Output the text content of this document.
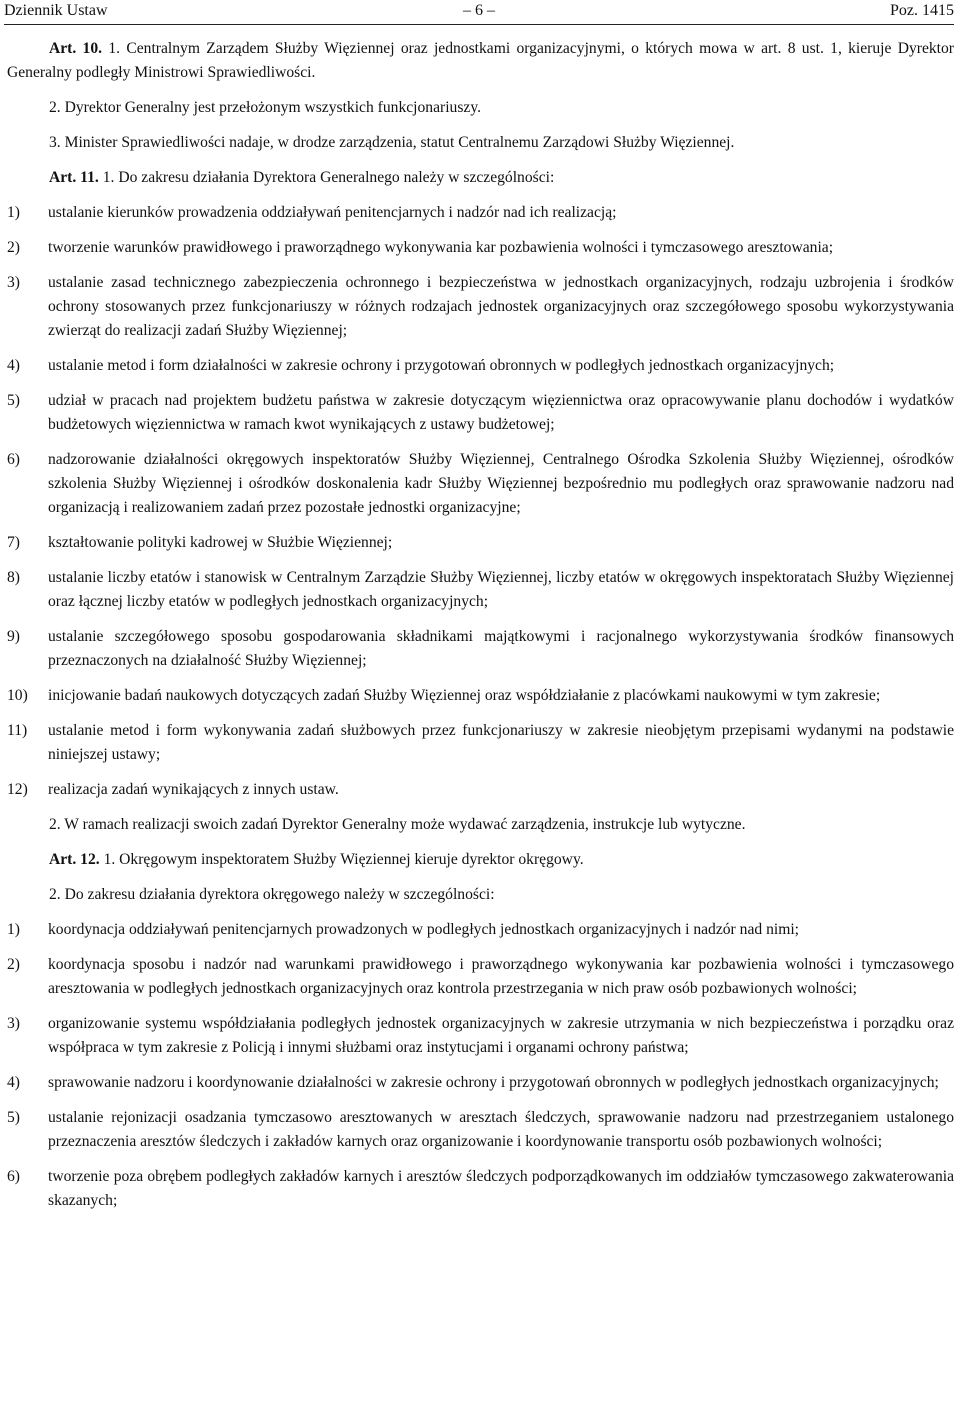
Dziennik Ustaw	– 6 –	Poz. 1415

Art. 10. 1. Centralnym Zarządem Służby Więziennej oraz jednostkami organizacyjnymi, o których mowa w art. 8 ust. 1, kieruje Dyrektor Generalny podległy Ministrowi Sprawiedliwości.

2. Dyrektor Generalny jest przełożonym wszystkich funkcjonariuszy.

3. Minister Sprawiedliwości nadaje, w drodze zarządzenia, statut Centralnemu Zarządowi Służby Więziennej.

Art. 11. 1. Do zakresu działania Dyrektora Generalnego należy w szczególności:

1)	ustalanie kierunków prowadzenia oddziaływań penitencjarnych i nadzór nad ich realizacją;
2)	tworzenie warunków prawidłowego i praworządnego wykonywania kar pozbawienia wolności i tymczasowego aresztowania;
3)	ustalanie zasad technicznego zabezpieczenia ochronnego i bezpieczeństwa w jednostkach organizacyjnych, rodzaju uzbrojenia i środków ochrony stosowanych przez funkcjonariuszy w różnych rodzajach jednostek organizacyjnych oraz szczegółowego sposobu wykorzystywania zwierząt do realizacji zadań Służby Więziennej;
4)	ustalanie metod i form działalności w zakresie ochrony i przygotowań obronnych w podległych jednostkach organizacyjnych;
5)	udział w pracach nad projektem budżetu państwa w zakresie dotyczącym więziennictwa oraz opracowywanie planu dochodów i wydatków budżetowych więziennictwa w ramach kwot wynikających z ustawy budżetowej;
6)	nadzorowanie działalności okręgowych inspektoratów Służby Więziennej, Centralnego Ośrodka Szkolenia Służby Więziennej, ośrodków szkolenia Służby Więziennej i ośrodków doskonalenia kadr Służby Więziennej bezpośrednio mu podległych oraz sprawowanie nadzoru nad organizacją i realizowaniem zadań przez pozostałe jednostki organizacyjne;
7)	kształtowanie polityki kadrowej w Służbie Więziennej;
8)	ustalanie liczby etatów i stanowisk w Centralnym Zarządzie Służby Więziennej, liczby etatów w okręgowych inspektoratach Służby Więziennej oraz łącznej liczby etatów w podległych jednostkach organizacyjnych;
9)	ustalanie szczegółowego sposobu gospodarowania składnikami majątkowymi i racjonalnego wykorzystywania środków finansowych przeznaczonych na działalność Służby Więziennej;
10)	inicjowanie badań naukowych dotyczących zadań Służby Więziennej oraz współdziałanie z placówkami naukowymi w tym zakresie;
11)	ustalanie metod i form wykonywania zadań służbowych przez funkcjonariuszy w zakresie nieobjętym przepisami wydanymi na podstawie niniejszej ustawy;
12)	realizacja zadań wynikających z innych ustaw.

2. W ramach realizacji swoich zadań Dyrektor Generalny może wydawać zarządzenia, instrukcje lub wytyczne.

Art. 12. 1. Okręgowym inspektoratem Służby Więziennej kieruje dyrektor okręgowy.

2. Do zakresu działania dyrektora okręgowego należy w szczególności:

1)	koordynacja oddziaływań penitencjarnych prowadzonych w podległych jednostkach organizacyjnych i nadzór nad nimi;
2)	koordynacja sposobu i nadzór nad warunkami prawidłowego i praworządnego wykonywania kar pozbawienia wolności i tymczasowego aresztowania w podległych jednostkach organizacyjnych oraz kontrola przestrzegania w nich praw osób pozbawionych wolności;
3)	organizowanie systemu współdziałania podległych jednostek organizacyjnych w zakresie utrzymania w nich bezpieczeństwa i porządku oraz współpraca w tym zakresie z Policją i innymi służbami oraz instytucjami i organami ochrony państwa;
4)	sprawowanie nadzoru i koordynowanie działalności w zakresie ochrony i przygotowań obronnych w podległych jednostkach organizacyjnych;
5)	ustalanie rejonizacji osadzania tymczasowo aresztowanych w aresztach śledczych, sprawowanie nadzoru nad przestrzeganiem ustalonego przeznaczenia aresztów śledczych i zakładów karnych oraz organizowanie i koordynowanie transportu osób pozbawionych wolności;
6)	tworzenie poza obrębem podległych zakładów karnych i aresztów śledczych podporządkowanych im oddziałów tymczasowego zakwaterowania skazanych;
